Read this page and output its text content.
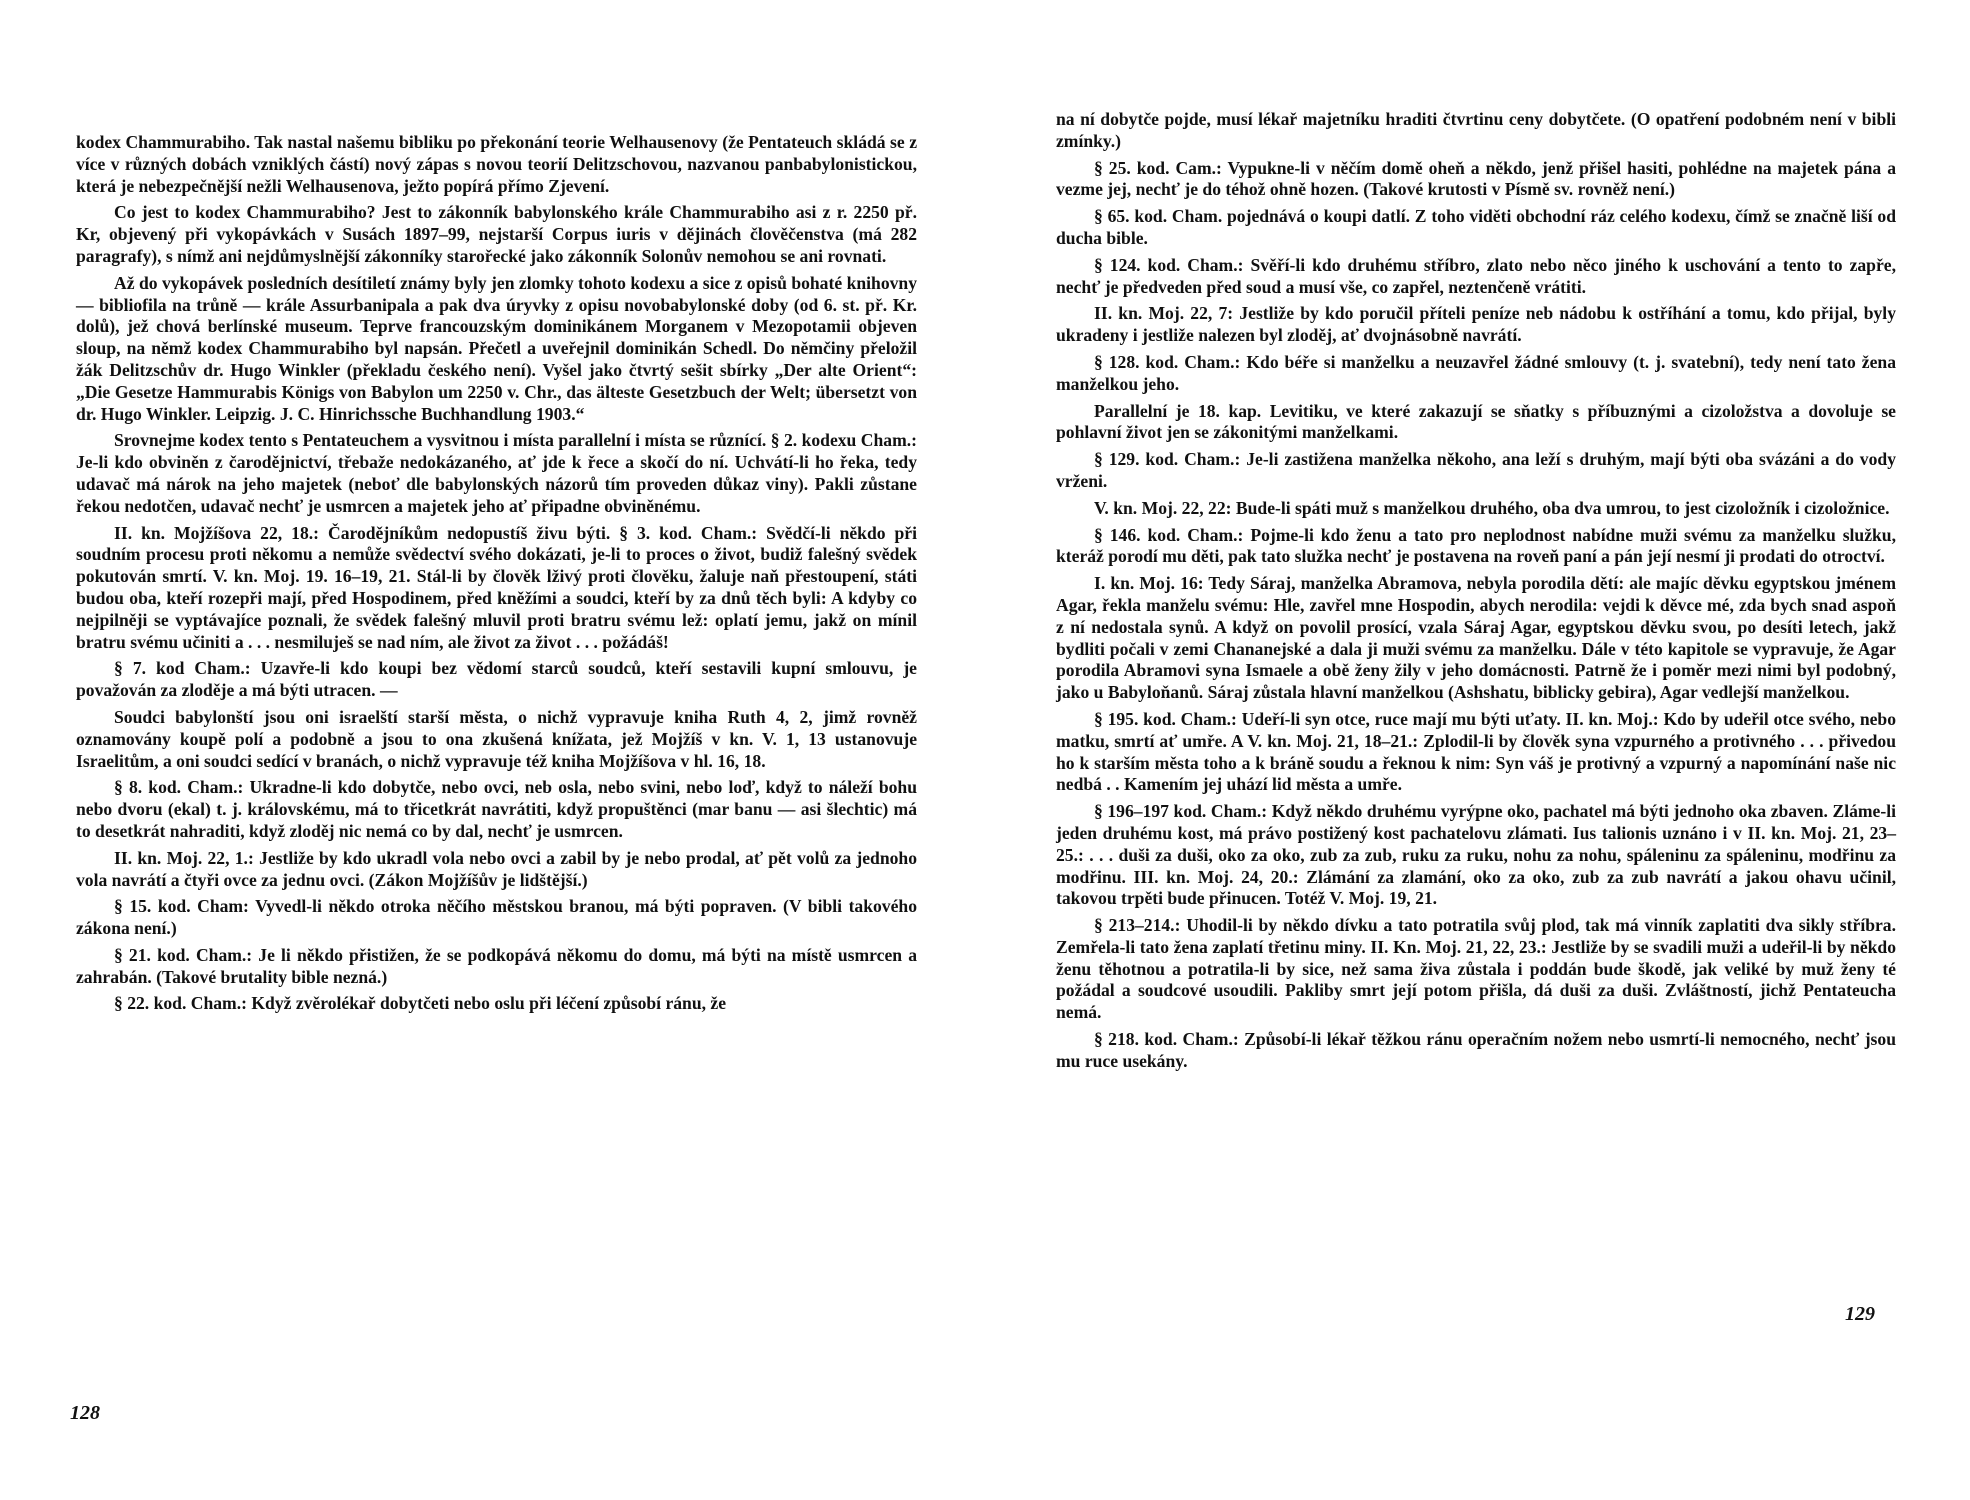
kodex Chammurabiho. Tak nastal našemu bibliku po překonání teorie Welhausenovy (že Pentateuch skládá se z více v různých dobách vzniklých částí) nový zápas s novou teorií Delitzschovou, nazvanou panbabylonistickou, která je nebezpečnější nežli Welhausenova, ježto popírá přímo Zjevení.

Co jest to kodex Chammurabiho? Jest to zákonník babylonského krále Chammurabiho asi z r. 2250 př. Kr, objevený při vykopávkách v Susách 1897–99, nejstarší Corpus iuris v dějinách člověčenstva (má 282 paragrafy), s nímž ani nejdůmyslnější zákonníky starořecké jako zákonník Solonův nemohou se ani rovnati.

Až do vykopávek posledních desítiletí známy byly jen zlomky tohoto kodexu a sice z opisů bohaté knihovny — bibliofila na trůně — krále Assurbanipala a pak dva úryvky z opisu novobabylonské doby (od 6. st. př. Kr. dolů), jež chová berlínské museum. Teprve francouzským dominikánem Morganem v Mezopotamii objeven sloup, na němž kodex Chammurabiho byl napsán. Přečetl a uveřejnil dominikán Schedl. Do němčiny přeložil žák Delitzschův dr. Hugo Winkler (překladu českého není). Vyšel jako čtvrtý sešit sbírky „Der alte Orient“: „Die Gesetze Hammurabis Königs von Babylon um 2250 v. Chr., das älteste Gesetzbuch der Welt; übersetzt von dr. Hugo Winkler. Leipzig. J. C. Hinrichssche Buchhandlung 1903.“

Srovnejme kodex tento s Pentateuchem a vysvitnou i místa parallelní i místa se různící. § 2. kodexu Cham.: Je-li kdo obviněn z čarodějnictví, třebaže nedokázaného, ať jde k řece a skočí do ní. Uchvátí-li ho řeka, tedy udavač má nárok na jeho majetek (neboť dle babylonských názorů tím proveden důkaz viny). Pakli zůstane řekou nedotčen, udavač nechť je usmrcen a majetek jeho ať připadne obviněnému.

II. kn. Mojžíšova 22, 18.: Čarodějníkům nedopustíš živu býti. § 3. kod. Cham.: Svědčí-li někdo při soudním procesu proti někomu a nemůže svědectví svého dokázati, je-li to proces o život, budiž falešný svědek pokutován smrtí. V. kn. Moj. 19. 16–19, 21. Stál-li by člověk lživý proti člověku, žaluje naň přestoupení, státi budou oba, kteří rozepři mají, před Hospodinem, před kněžími a soudci, kteří by za dnů těch byli: A kdyby co nejpilněji se vyptávajíce poznali, že svědek falešný mluvil proti bratru svému lež: oplatí jemu, jakž on mínil bratru svému učiniti a . . . nesmiluješ se nad ním, ale život za život . . . požádáš!

§ 7. kod Cham.: Uzavře-li kdo koupi bez vědomí starců soudců, kteří sestavili kupní smlouvu, je považován za zloděje a má býti utracen. —

Soudci babylonští jsou oni israelští starší města, o nichž vypravuje kniha Ruth 4, 2, jimž rovněž oznamovány koupě polí a podobně a jsou to ona zkušená knížata, jež Mojžíš v kn. V. 1, 13 ustanovuje Israelitům, a oni soudci sedící v branách, o nichž vypravuje též kniha Mojžíšova v hl. 16, 18.

§ 8. kod. Cham.: Ukradne-li kdo dobytče, nebo ovci, neb osla, nebo svini, nebo loď, když to náleží bohu nebo dvoru (ekal) t. j. královskému, má to třicetkrát navrátiti, když propuštěnci (mar banu — asi šlechtic) má to desetkrát nahraditi, když zloděj nic nemá co by dal, nechť je usmrcen.

II. kn. Moj. 22, 1.: Jestliže by kdo ukradl vola nebo ovci a zabil by je nebo prodal, ať pět volů za jednoho vola navrátí a čtyři ovce za jednu ovci. (Zákon Mojžíšův je lidštější.)

§ 15. kod. Cham: Vyvedl-li někdo otroka něčího městskou branou, má býti popraven. (V bibli takového zákona není.)

§ 21. kod. Cham.: Je li někdo přistižen, že se podkopává někomu do domu, má býti na místě usmrcen a zahrabán. (Takové brutality bible nezná.)

§ 22. kod. Cham.: Když zvěrolékař dobytčeti nebo oslu při léčení způsobí ránu, že

128

na ní dobytče pojde, musí lékař majetníku hraditi čtvrtinu ceny dobytčete. (O opatření podobném není v bibli zmínky.)

§ 25. kod. Cam.: Vypukne-li v něčím domě oheň a někdo, jenž přišel hasiti, pohlédne na majetek pána a vezme jej, nechť je do téhož ohně hozen. (Takové krutosti v Písmě sv. rovněž není.)

§ 65. kod. Cham. pojednává o koupi datlí. Z toho viděti obchodní ráz celého kodexu, čímž se značně liší od ducha bible.

§ 124. kod. Cham.: Svěří-li kdo druhému stříbro, zlato nebo něco jiného k uschování a tento to zapře, nechť je předveden před soud a musí vše, co zapřel, neztenčeně vrátiti.

II. kn. Moj. 22, 7: Jestliže by kdo poručil příteli peníze neb nádobu k ostříhání a tomu, kdo přijal, byly ukradeny i jestliže nalezen byl zloděj, ať dvojnásobně navrátí.

§ 128. kod. Cham.: Kdo béře si manželku a neuzavřel žádné smlouvy (t. j. svatební), tedy není tato žena manželkou jeho.

Parallelní je 18. kap. Levitiku, ve které zakazují se sňatky s příbuznými a cizoložstva a dovoluje se pohlavní život jen se zákonitými manželkami.

§ 129. kod. Cham.: Je-li zastižena manželka někoho, ana leží s druhým, mají býti oba svázáni a do vody vrženi.

V. kn. Moj. 22, 22: Bude-li spáti muž s manželkou druhého, oba dva umrou, to jest cizoložník i cizoložnice.

§ 146. kod. Cham.: Pojme-li kdo ženu a tato pro neplodnost nabídne muži svému za manželku služku, kteráž porodí mu děti, pak tato služka nechť je postavena na roveň paní a pán její nesmí ji prodati do otroctví.

I. kn. Moj. 16: Tedy Sáraj, manželka Abramova, nebyla porodila dětí: ale majíc děvku egyptskou jménem Agar, řekla manželu svému: Hle, zavřel mne Hospodin, abych nerodila: vejdi k děvce mé, zda bych snad aspoň z ní nedostala synů. A když on povolil prosící, vzala Sáraj Agar, egyptskou děvku svou, po desíti letech, jakž bydliti počali v zemi Chananejské a dala ji muži svému za manželku. Dále v této kapitole se vypravuje, že Agar porodila Abramovi syna Ismaele a obě ženy žily v jeho domácnosti. Patrně že i poměr mezi nimi byl podobný, jako u Babyloňanů. Sáraj zůstala hlavní manželkou (Ashshatu, biblicky gebira), Agar vedlejší manželkou.

§ 195. kod. Cham.: Udeří-li syn otce, ruce mají mu býti uťaty. II. kn. Moj.: Kdo by udeřil otce svého, nebo matku, smrtí ať umře. A V. kn. Moj. 21, 18–21.: Zplodil-li by člověk syna vzpurného a protivného . . . přivedou ho k starším města toho a k bráně soudu a řeknou k nim: Syn váš je protivný a vzpurný a napomínání naše nic nedbá . . Kamením jej uhází lid města a umře.

§ 196–197 kod. Cham.: Když někdo druhému vyrýpne oko, pachatel má býti jednoho oka zbaven. Zláme-li jeden druhému kost, má právo postižený kost pachatelovu zlámati. Ius talionis uznáno i v II. kn. Moj. 21, 23–25.: . . . duši za duši, oko za oko, zub za zub, ruku za ruku, nohu za nohu, spáleninu za spáleninu, modřinu za modřinu. III. kn. Moj. 24, 20.: Zlámání za zlamání, oko za oko, zub za zub navrátí a jakou ohavu učinil, takovou trpěti bude přinucen. Totéž V. Moj. 19, 21.

§ 213–214.: Uhodil-li by někdo dívku a tato potratila svůj plod, tak má vinník zaplatiti dva sikly stříbra. Zemřela-li tato žena zaplatí třetinu miny. II. Kn. Moj. 21, 22, 23.: Jestliže by se svadili muži a udeřil-li by někdo ženu těhotnou a potratila-li by sice, než sama živa zůstala i poddán bude škodě, jak veliké by muž ženy té požádal a soudcové usoudili. Pakliby smrt její potom přišla, dá duši za duši. Zvláštností, jichž Pentateucha nemá.

§ 218. kod. Cham.: Způsobí-li lékař těžkou ránu operačním nožem nebo usmrtí-li nemocného, nechť jsou mu ruce usekány.

129
